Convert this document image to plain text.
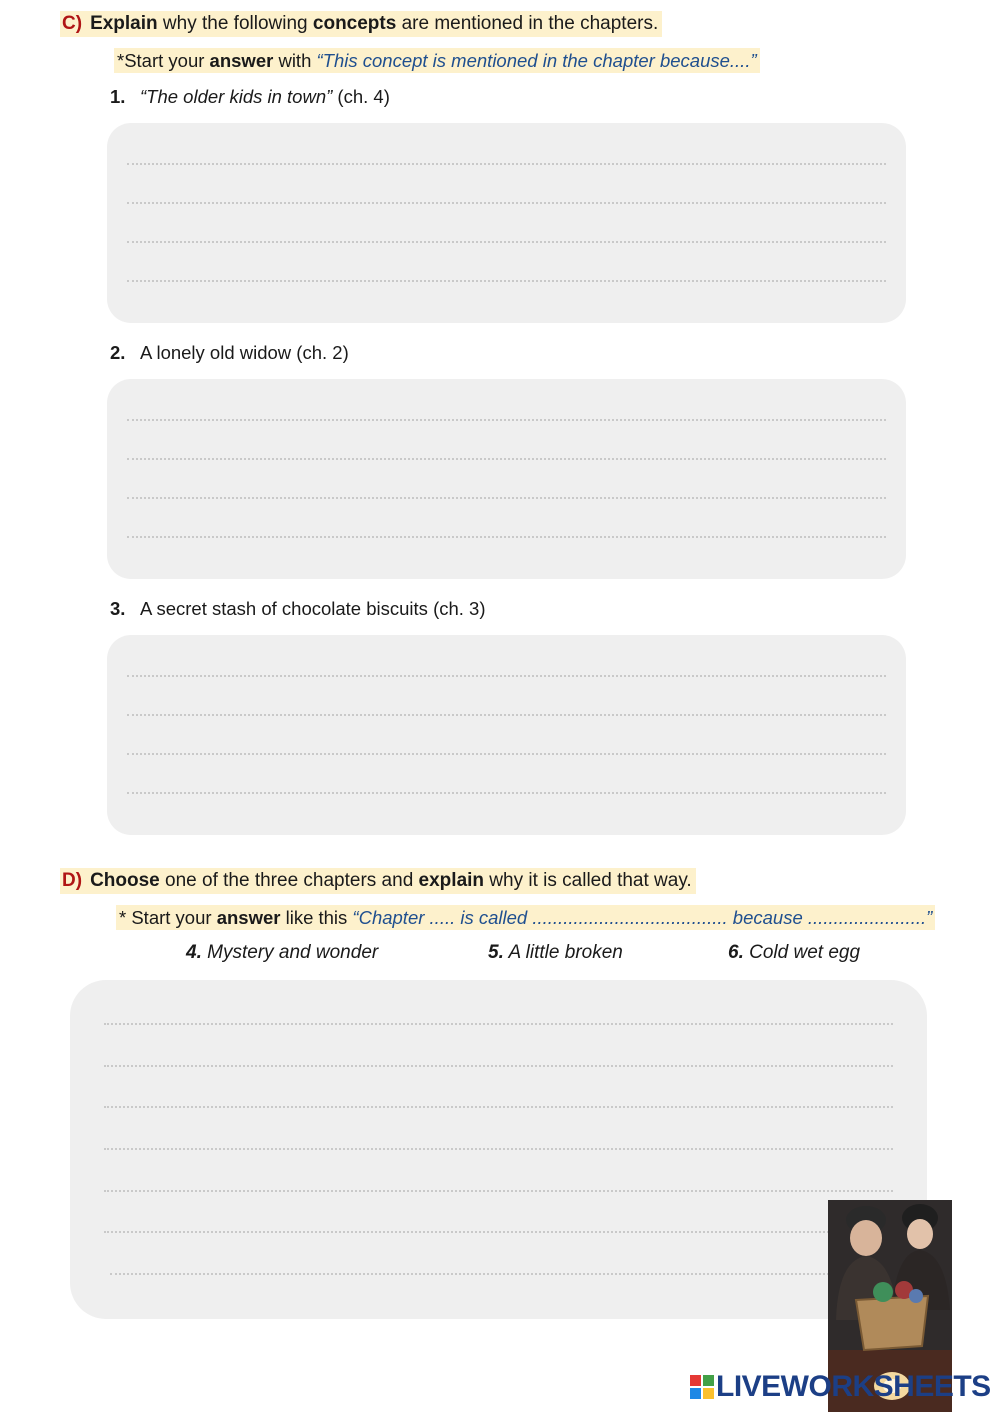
C) Explain why the following concepts are mentioned in the chapters.
*Start your answer with “This concept is mentioned in the chapter because....”
1. “The older kids in town” (ch. 4)
2. A lonely old widow (ch. 2)
3. A secret stash of chocolate biscuits (ch. 3)
D) Choose one of the three chapters and explain why it is called that way.
* Start your answer like this “Chapter ..... is called ...................................... because .......................”
4. Mystery and wonder	5. A little broken	6. Cold wet egg
LIVEWORKSHEETS
